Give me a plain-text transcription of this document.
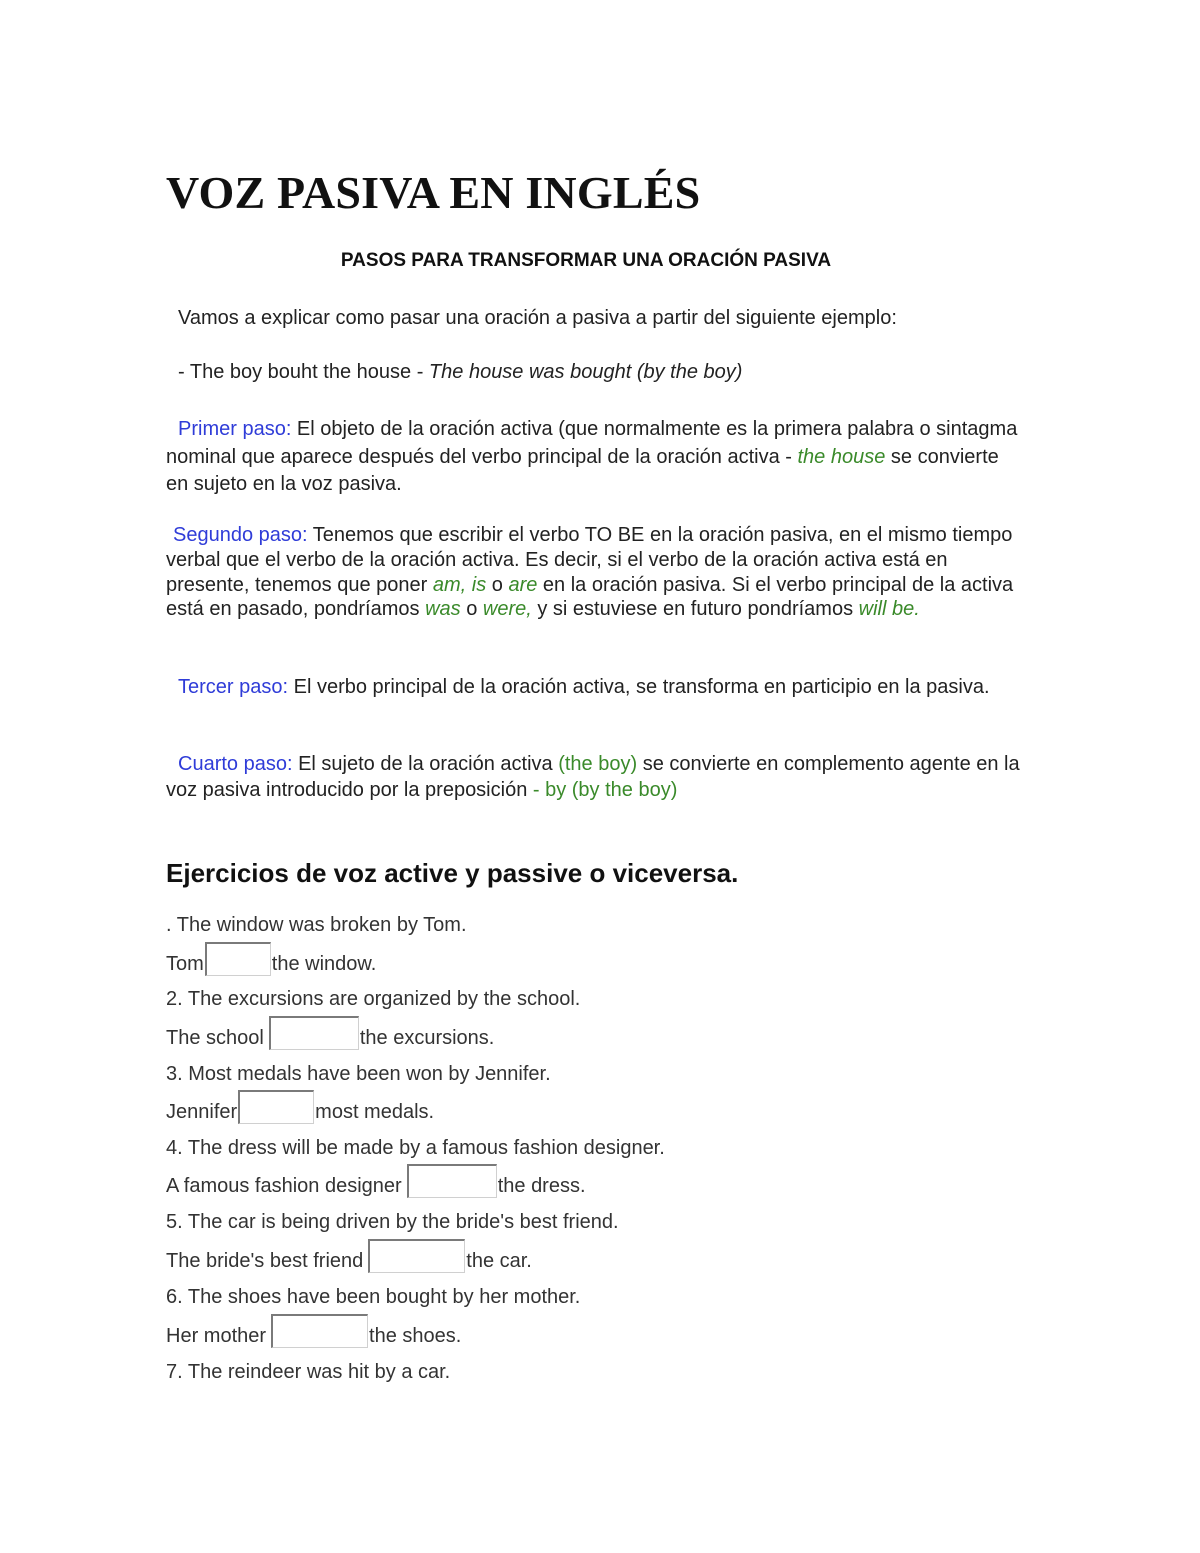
VOZ PASIVA EN INGLÉS

PASOS PARA TRANSFORMAR UNA ORACIÓN PASIVA

Vamos a explicar como pasar una oración a pasiva a partir del siguiente ejemplo:

- The boy bouht the house - The house was bought (by the boy)

Primer paso: El objeto de la oración activa (que normalmente es la primera palabra o sintagma nominal que aparece después del verbo principal de la oración activa - the house se convierte en sujeto en la voz pasiva.

Segundo paso: Tenemos que escribir el verbo TO BE en la oración pasiva, en el mismo tiempo verbal que el verbo de la oración activa. Es decir, si el verbo de la oración activa está en presente, tenemos que poner am, is o are en la oración pasiva. Si el verbo principal de la activa está en pasado, pondríamos was o were, y si estuviese en futuro pondríamos will be.

Tercer paso: El verbo principal de la oración activa, se transforma en participio en la pasiva.

Cuarto paso: El sujeto de la oración activa (the boy) se convierte en complemento agente en la voz pasiva introducido por la preposición - by (by the boy)

Ejercicios de voz active y passive o viceversa.

. The window was broken by Tom.

Tom	the window.

2. The excursions are organized by the school.

The school	the excursions.

3. Most medals have been won by Jennifer.

Jennifer	most medals.

4. The dress will be made by a famous fashion designer.

A famous fashion designer	the dress.

5. The car is being driven by the bride's best friend.

The bride's best friend	the car.

6. The shoes have been bought by her mother.

Her mother	the shoes.

7. The reindeer was hit by a car.
